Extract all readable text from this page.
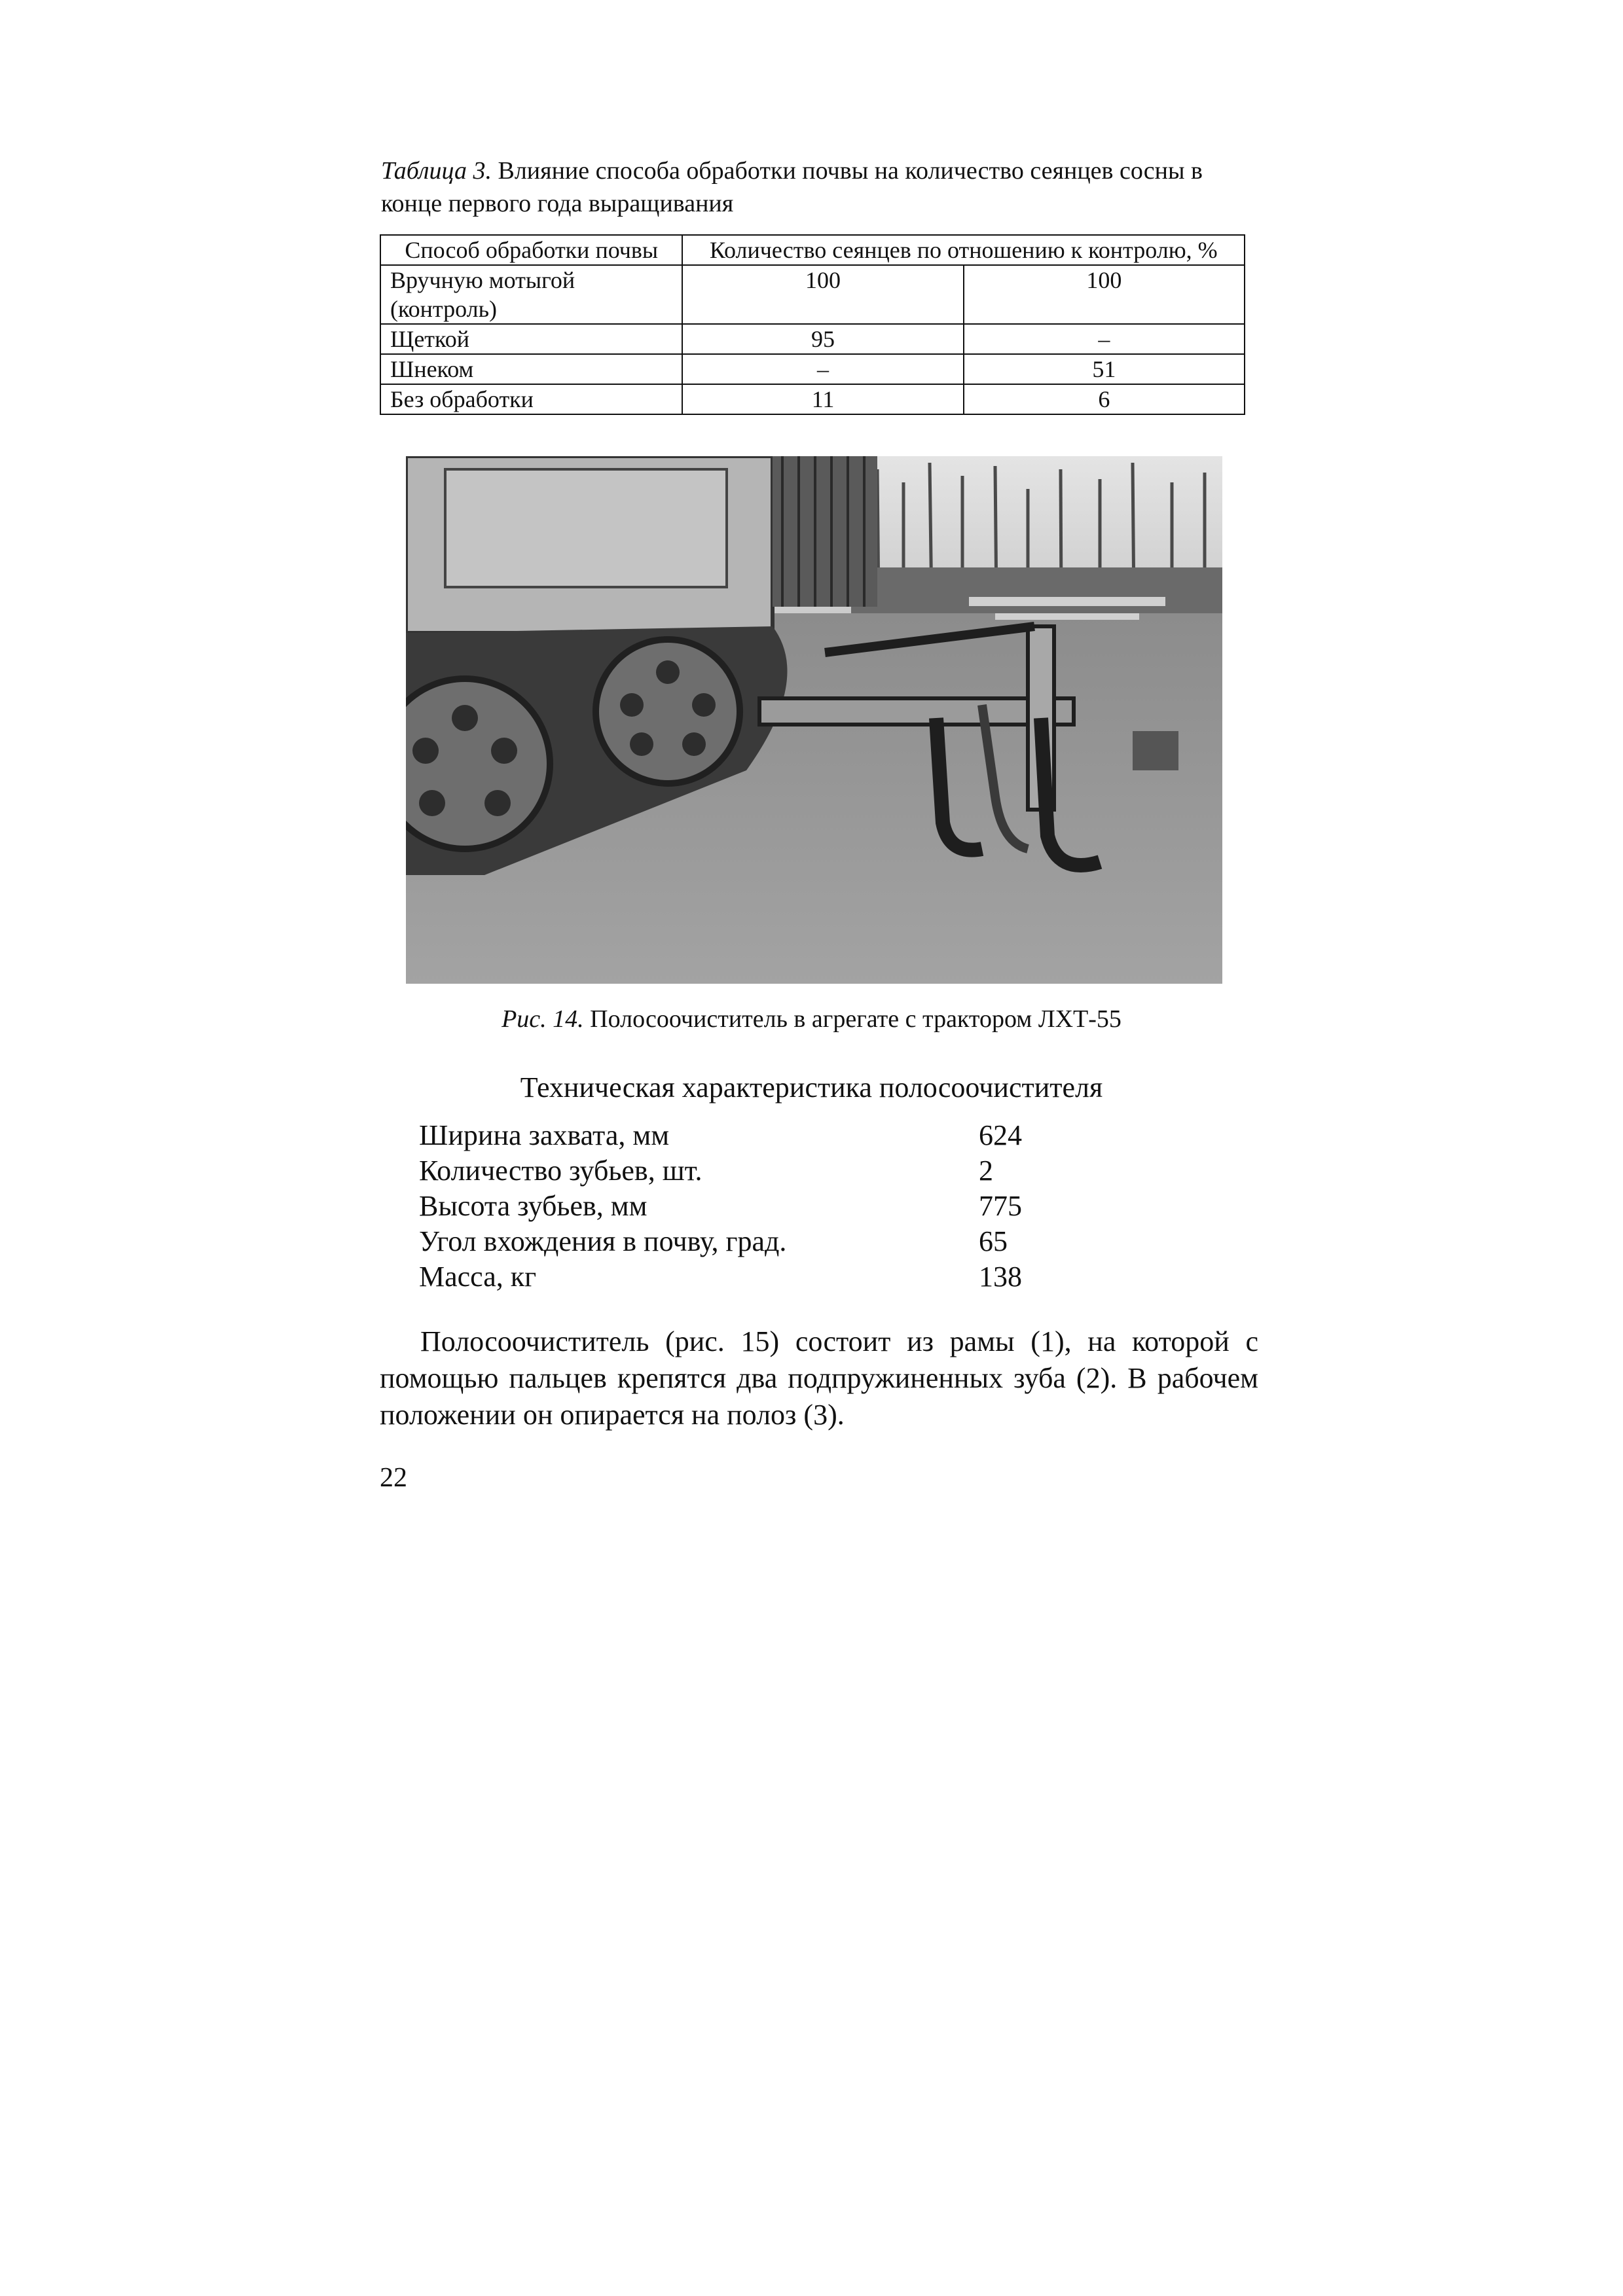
Таблица 3. Влияние способа обработки почвы на количество сеянцев сосны в конце первого года выращивания

Способ обработки почвы	Количество сеянцев по отношению к контролю, %	
Вручную мотыгой (контроль)	100	100
Щеткой	95	–
Шнеком	–	51
Без обработки	11	6

Рис. 14. Полосоочиститель в агрегате с трактором ЛХТ-55

Техническая характеристика полосоочистителя

Ширина захвата, мм	624
Количество зубьев, шт.	2
Высота зубьев, мм	775
Угол вхождения в почву, град.	65
Масса, кг	138

Полосоочиститель (рис. 15) состоит из рамы (1), на которой с помощью пальцев крепятся два подпружиненных зуба (2). В рабочем положении он опирается на полоз (3).

22
